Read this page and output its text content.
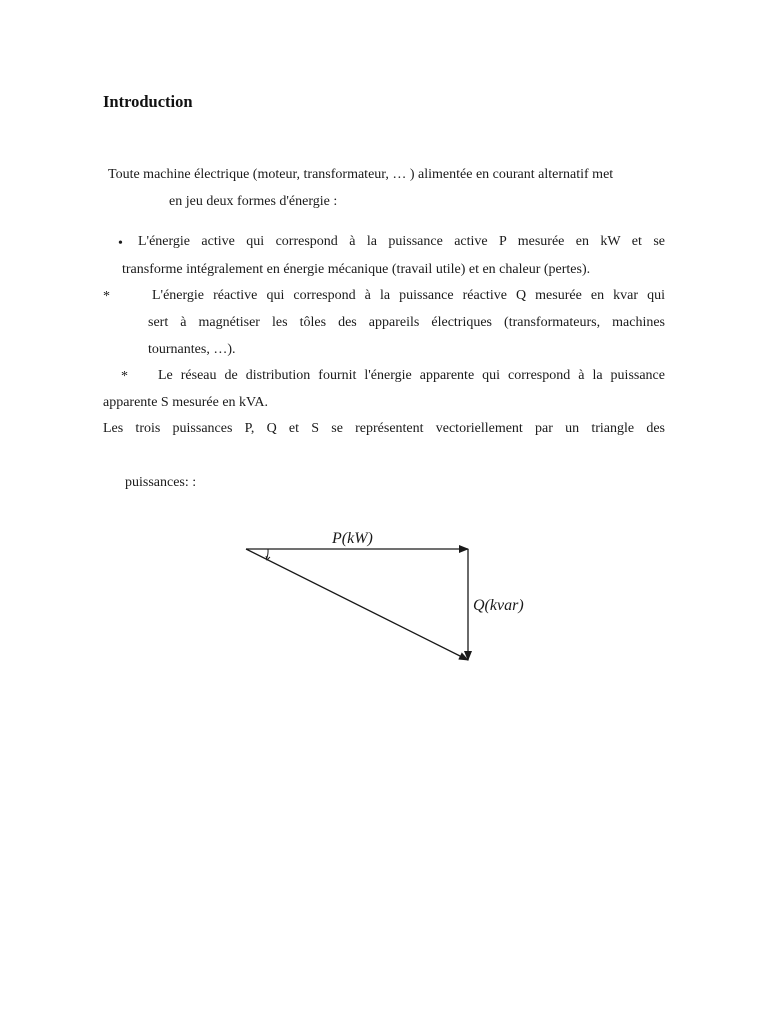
Introduction
Toute machine électrique (moteur, transformateur, … ) alimentée en courant alternatif met
en jeu deux formes d'énergie :
• L'énergie active qui correspond à la puissance active P mesurée en kW et se
transforme intégralement en énergie mécanique (travail utile) et en chaleur (pertes).
*	L'énergie réactive qui correspond à la puissance réactive Q mesurée en kvar qui
sert à magnétiser les tôles des appareils électriques (transformateurs, machines
tournantes, …).
* Le réseau de distribution fournit l'énergie apparente qui correspond à la puissance
apparente S mesurée en kVA.
Les trois puissances P, Q et S se représentent vectoriellement par un triangle des
puissances: :
P(kW)
Q(kvar)
